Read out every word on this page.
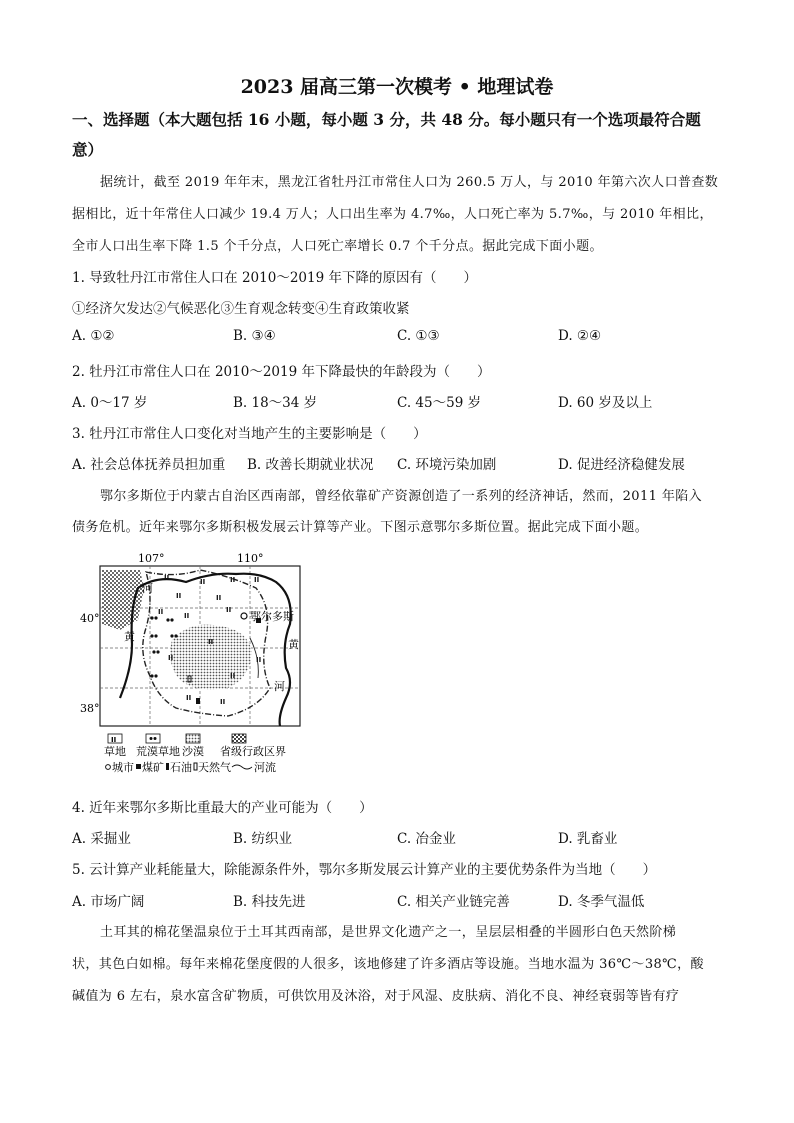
2023 届高三第一次模考 • 地理试卷
一、选择题（本大题包括 16 小题，每小题 3 分，共 48 分。每小题只有一个选项最符合题
意）
据统计，截至 2019 年年末，黑龙江省牡丹江市常住人口为 260.5 万人，与 2010 年第六次人口普查数
据相比，近十年常住人口减少 19.4 万人；人口出生率为 4.7‰，人口死亡率为 5.7‰，与 2010 年相比，
全市人口出生率下降 1.5 个千分点，人口死亡率增长 0.7 个千分点。据此完成下面小题。
1. 导致牡丹江市常住人口在 2010～2019 年下降的原因有（　　）
①经济欠发达②气候恶化③生育观念转变④生育政策收紧
A. ①②	B. ③④	C. ①③	D. ②④
2. 牡丹江市常住人口在 2010～2019 年下降最快的年龄段为（　　）
A. 0～17 岁	B. 18～34 岁	C. 45～59 岁	D. 60 岁及以上
3. 牡丹江市常住人口变化对当地产生的主要影响是（　　）
A. 社会总体抚养员担加重 B. 改善长期就业状况 C. 环境污染加剧	D. 促进经济稳健发展
鄂尔多斯位于内蒙古自治区西南部，曾经依靠矿产资源创造了一系列的经济神话，然而，2011 年陷入
债务危机。近年来鄂尔多斯积极发展云计算等产业。下图示意鄂尔多斯位置。据此完成下面小题。
II	II	II	II
II	II
II	II
II
II
II
II
II
II	II
鄂尔多斯
河
黄
黄
河
107°	110°
40°
38°
II
草地 荒漠草地 沙漠 省级行政区界
城市 煤矿 石油 天然气 河流
4. 近年来鄂尔多斯比重最大的产业可能为（　　）
A. 采掘业	B. 纺织业	C. 冶金业	D. 乳畜业
5. 云计算产业耗能量大，除能源条件外，鄂尔多斯发展云计算产业的主要优势条件为当地（　　）
A. 市场广阔	B. 科技先进	C. 相关产业链完善	D. 冬季气温低
土耳其的棉花堡温泉位于土耳其西南部，是世界文化遗产之一，呈层层相叠的半圆形白色天然阶梯
状，其色白如棉。每年来棉花堡度假的人很多，该地修建了许多酒店等设施。当地水温为 36℃～38℃，酸
碱值为 6 左右，泉水富含矿物质，可供饮用及沐浴，对于风湿、皮肤病、消化不良、神经衰弱等皆有疗
